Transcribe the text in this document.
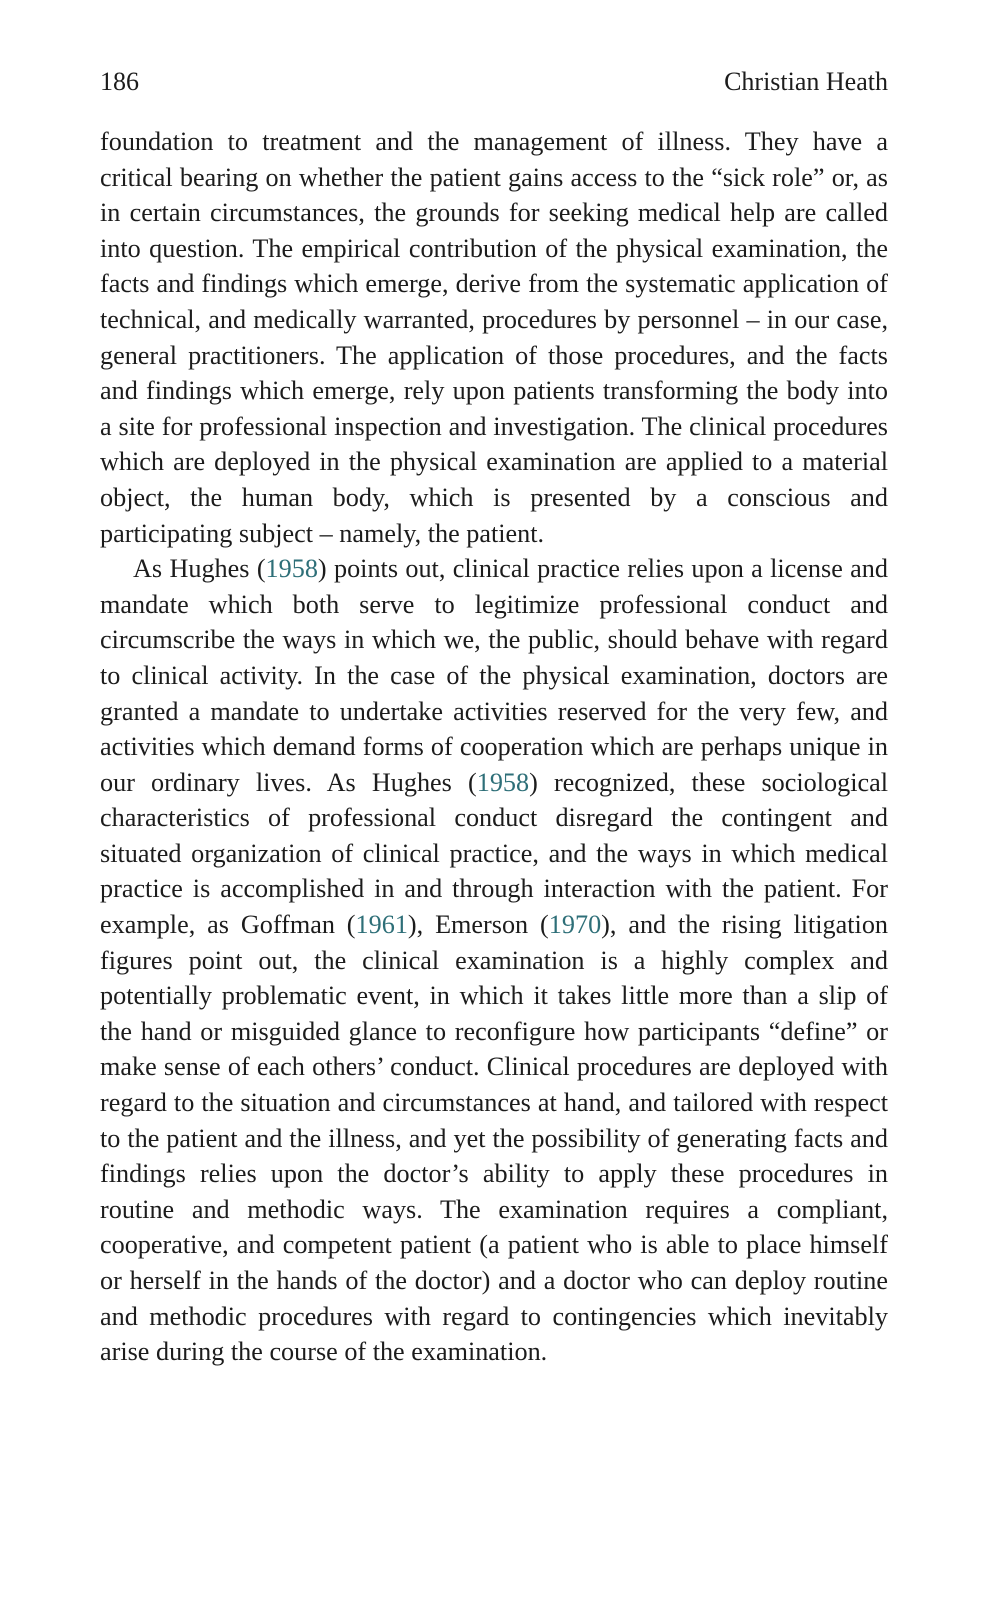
186	Christian Heath

foundation to treatment and the management of illness. They have a critical bearing on whether the patient gains access to the “sick role” or, as in certain circumstances, the grounds for seeking medical help are called into question. The empirical contribution of the physical examination, the facts and findings which emerge, derive from the systematic application of technical, and medically warranted, procedures by personnel – in our case, general practitioners. The application of those procedures, and the facts and findings which emerge, rely upon patients transforming the body into a site for professional inspection and investigation. The clinical procedures which are deployed in the physical examination are applied to a material object, the human body, which is presented by a conscious and participating subject – namely, the patient.

As Hughes (1958) points out, clinical practice relies upon a license and mandate which both serve to legitimize professional conduct and circumscribe the ways in which we, the public, should behave with regard to clinical activity. In the case of the physical examination, doctors are granted a mandate to undertake activities reserved for the very few, and activities which demand forms of cooperation which are perhaps unique in our ordinary lives. As Hughes (1958) recognized, these sociological characteristics of professional conduct disregard the contingent and situated organization of clinical practice, and the ways in which medical practice is accomplished in and through interaction with the patient. For example, as Goffman (1961), Emerson (1970), and the rising litigation figures point out, the clinical examination is a highly complex and potentially problematic event, in which it takes little more than a slip of the hand or misguided glance to reconfigure how participants “define” or make sense of each others’ conduct. Clinical procedures are deployed with regard to the situation and circumstances at hand, and tailored with respect to the patient and the illness, and yet the possibility of generating facts and findings relies upon the doctor’s ability to apply these procedures in routine and methodic ways. The examination requires a compliant, cooperative, and competent patient (a patient who is able to place himself or herself in the hands of the doctor) and a doctor who can deploy routine and methodic procedures with regard to contingencies which inevitably arise during the course of the examination.
